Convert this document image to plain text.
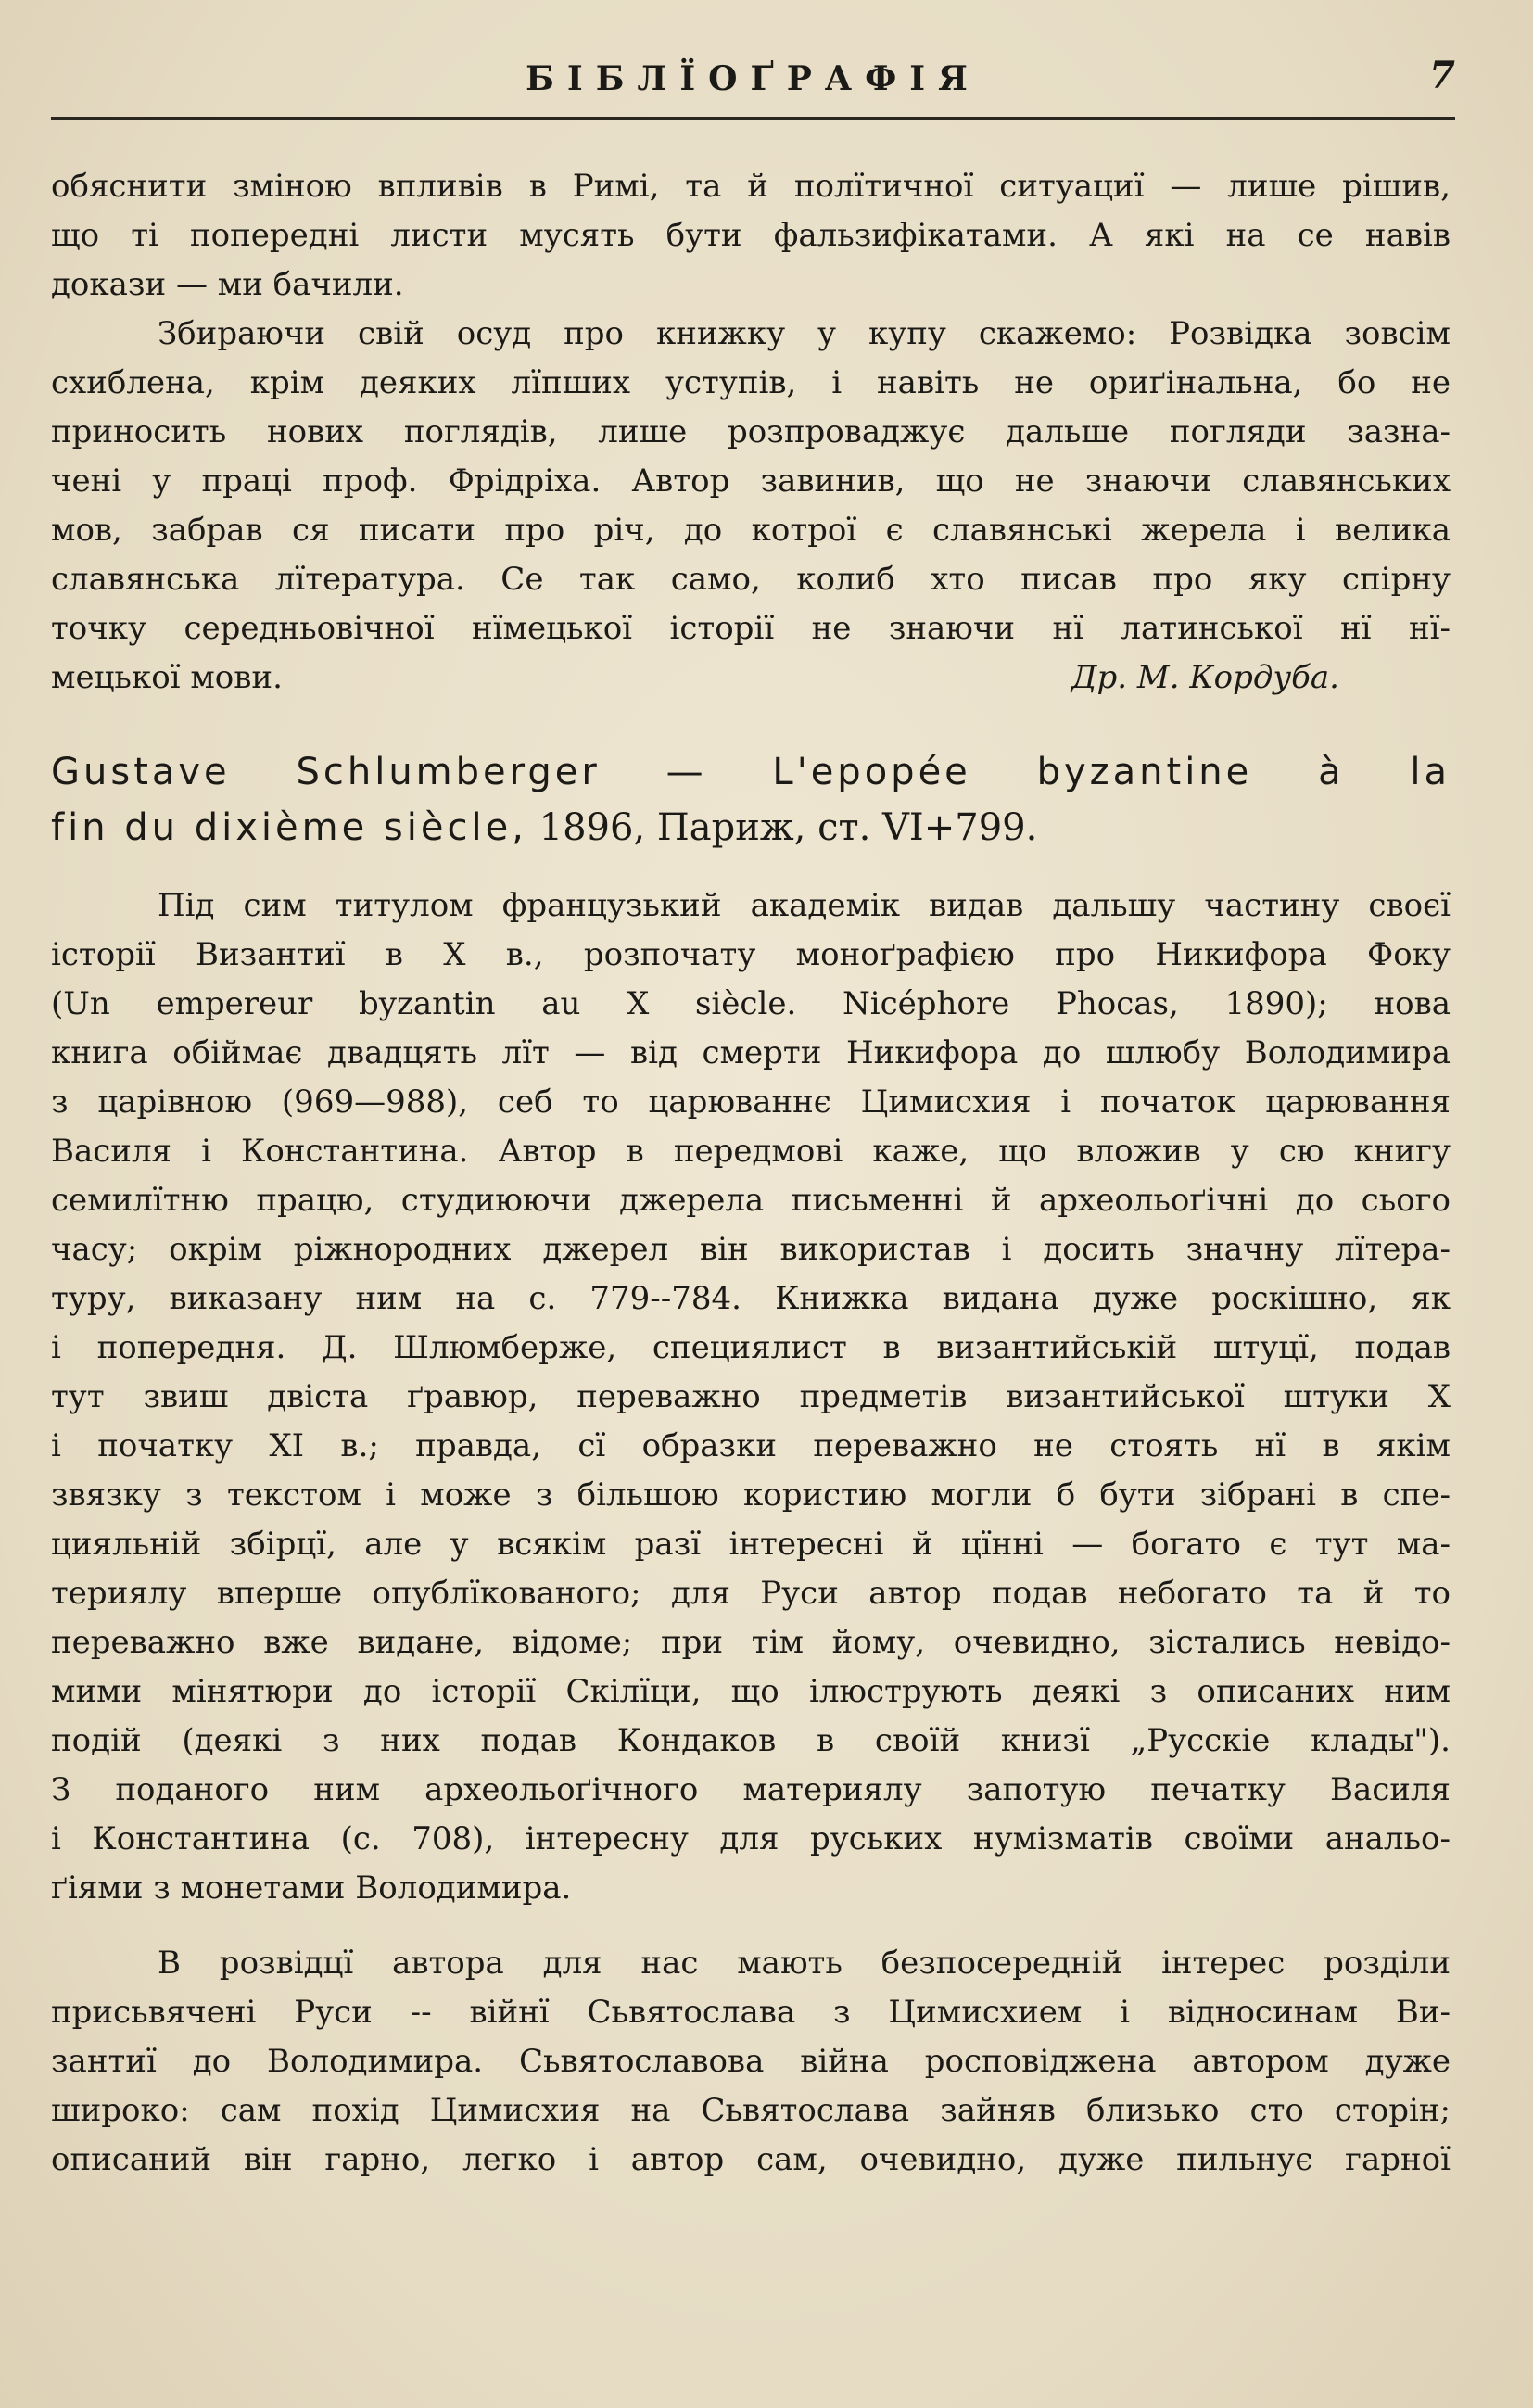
БІБЛЇОҐРАФІЯ	7
обяснити зміною впливів в Римі, та й полїтичної ситуациї — лише рішив,
що ті попередні листи мусять бути фальзифікатами. А які на се навів
докази — ми бачили.
Збираючи свій осуд про книжку у купу скажемо: Розвідка зовсім
схиблена, крім деяких лїпших уступів, і навіть не ориґінальна, бо не
приносить нових поглядів, лише розпроваджує дальше погляди зазна-
чені у праці проф. Фрідріха. Автор завинив, що не знаючи славянських
мов, забрав ся писати про річ, до котрої є славянські жерела і велика
славянська лїтература. Се так само, колиб хто писав про яку спірну
точку середньовічної нїмецької історії не знаючи нї латинської нї нї-
мецької мови.	Др. М. Кордуба.
Gustave Schlumberger — L'epopée byzantine à la
fin du dixième siècle, 1896, Париж, ст. VI+799.
Під сим титулом французький академік видав дальшу частину своєї
історії Византиї в X в., розпочату моноґрафією про Никифора Фоку
(Un empereur byzantin au X siècle. Nicéphore Phocas, 1890); нова
книга обіймає двадцять лїт — від смерти Никифора до шлюбу Володимира
з царівною (969—988), себ то царюваннє Цимисхия і початок царювання
Василя і Константина. Автор в передмові каже, що вложив у сю книгу
семилїтню працю, студиюючи джерела письменні й археольоґічні до сього
часу; окрім ріжнородних джерел він використав і досить значну лїтера-
туру, виказану ним на с. 779--784. Книжка видана дуже роскішно, як
і попередня. Д. Шлюмберже, специялист в византийській штуцї, подав
тут звиш двіста ґравюр, переважно предметів византийської штуки X
і початку XI в.; правда, сї образки переважно не стоять нї в якім
звязку з текстом і може з більшою користию могли б бути зібрані в спе-
цияльній збірцї, але у всякім разї інтересні й цїнні — богато є тут ма-
териялу вперше опублїкованого; для Руси автор подав небогато та й то
переважно вже видане, відоме; при тім йому, очевидно, зістались невідо-
мими мінятюри до історії Скілїци, що ілюструють деякі з описаних ним
подій (деякі з них подав Кондаков в своїй книзї „Русскіе клады").
З поданого ним археольоґічного материялу запотую печатку Василя
і Константина (с. 708), інтересну для руських нумізматів своїми анальо-
ґіями з монетами Володимира.
В розвідцї автора для нас мають безпосередній інтерес розділи
присьвячені Руси -- війнї Сьвятослава з Цимисхием і відносинам Ви-
зантиї до Володимира. Сьвятославова війна росповіджена автором дуже
широко: сам похід Цимисхия на Сьвятослава зайняв близько сто сторін;
описаний він гарно, легко і автор сам, очевидно, дуже пильнує гарної
